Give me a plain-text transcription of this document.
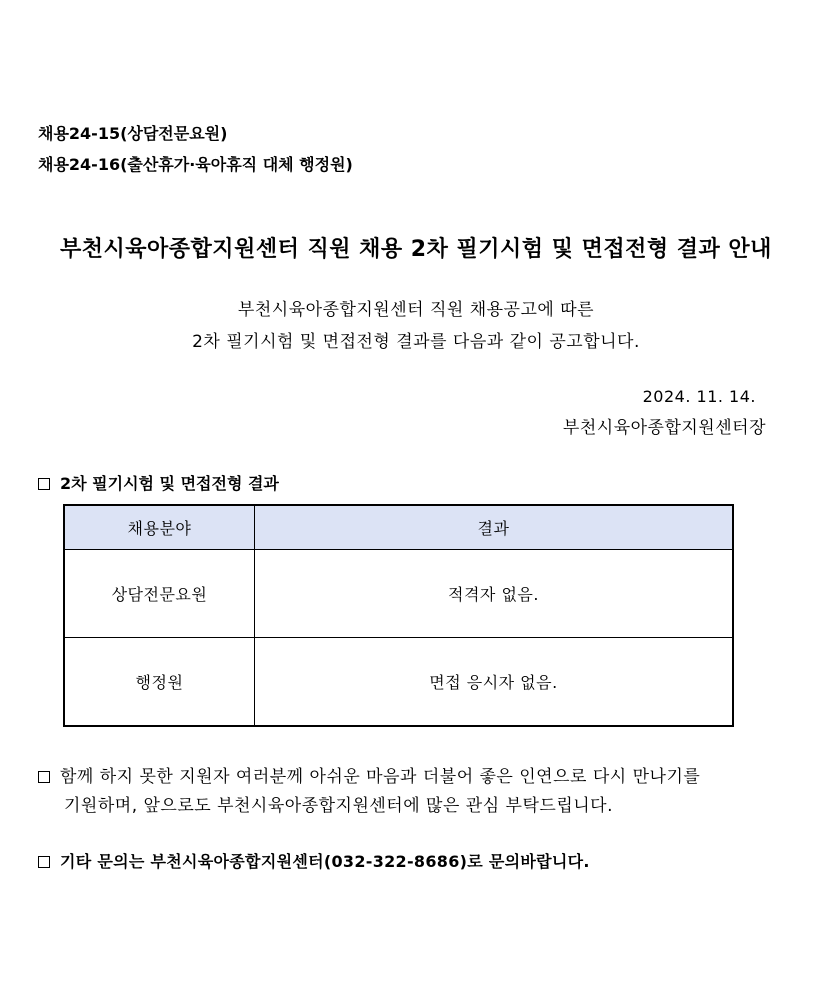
채용24-15(상담전문요원)
채용24-16(출산휴가·육아휴직 대체 행정원)
부천시육아종합지원센터 직원 채용 2차 필기시험 및 면접전형 결과 안내
부천시육아종합지원센터 직원 채용공고에 따른
2차 필기시험 및 면접전형 결과를 다음과 같이 공고합니다.
2024. 11. 14.
부천시육아종합지원센터장
2차 필기시험 및 면접전형 결과
채용분야	결과
상담전문요원	적격자 없음.
행정원	면접 응시자 없음.
함께 하지 못한 지원자 여러분께 아쉬운 마음과 더불어 좋은 인연으로 다시 만나기를
기원하며, 앞으로도 부천시육아종합지원센터에 많은 관심 부탁드립니다.
기타 문의는 부천시육아종합지원센터(032-322-8686)로 문의바랍니다.
